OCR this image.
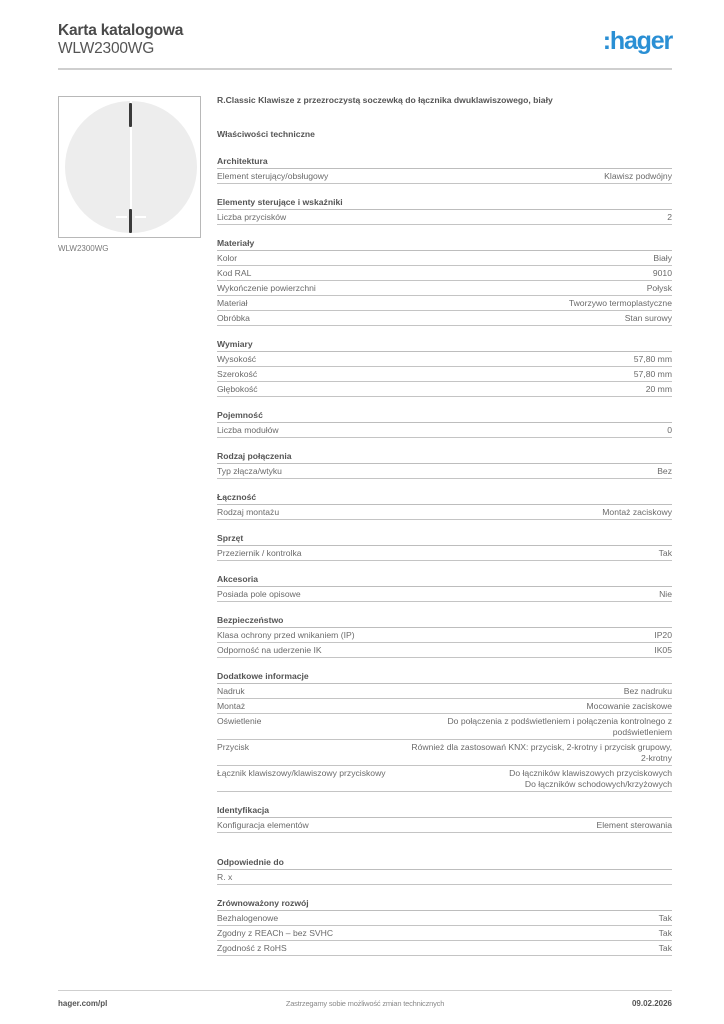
Karta katalogowa
WLW2300WG	:hager
WLW2300WG
R.Classic Klawisze z przezroczystą soczewką do łącznika dwuklawiszowego, biały
Właściwości techniczne
Architektura
Element sterujący/obsługowy	Klawisz podwójny
Elementy sterujące i wskaźniki
Liczba przycisków	2
Materiały
Kolor	Biały
Kod RAL	9010
Wykończenie powierzchni	Połysk
Materiał	Tworzywo termoplastyczne
Obróbka	Stan surowy
Wymiary
Wysokość	57,80 mm
Szerokość	57,80 mm
Głębokość	20 mm
Pojemność
Liczba modułów	0
Rodzaj połączenia
Typ złącza/wtyku	Bez
Łączność
Rodzaj montażu	Montaż zaciskowy
Sprzęt
Przeziernik / kontrolka	Tak
Akcesoria
Posiada pole opisowe	Nie
Bezpieczeństwo
Klasa ochrony przed wnikaniem (IP)	IP20
Odporność na uderzenie IK	IK05
Dodatkowe informacje
Nadruk	Bez nadruku
Montaż	Mocowanie zaciskowe
Oświetlenie	Do połączenia z podświetleniem i połączenia kontrolnego z podświetleniem
Przycisk	Również dla zastosowań KNX: przycisk, 2-krotny i przycisk grupowy, 2-krotny
Łącznik klawiszowy/klawiszowy przyciskowy	Do łączników klawiszowych przyciskowych
Do łączników schodowych/krzyżowych
Identyfikacja
Konfiguracja elementów	Element sterowania
Odpowiednie do
R. x
Zrównoważony rozwój
Bezhalogenowe	Tak
Zgodny z REACh – bez SVHC	Tak
Zgodność z RoHS	Tak
hager.com/pl	Zastrzegamy sobie możliwość zmian technicznych	09.02.2026
